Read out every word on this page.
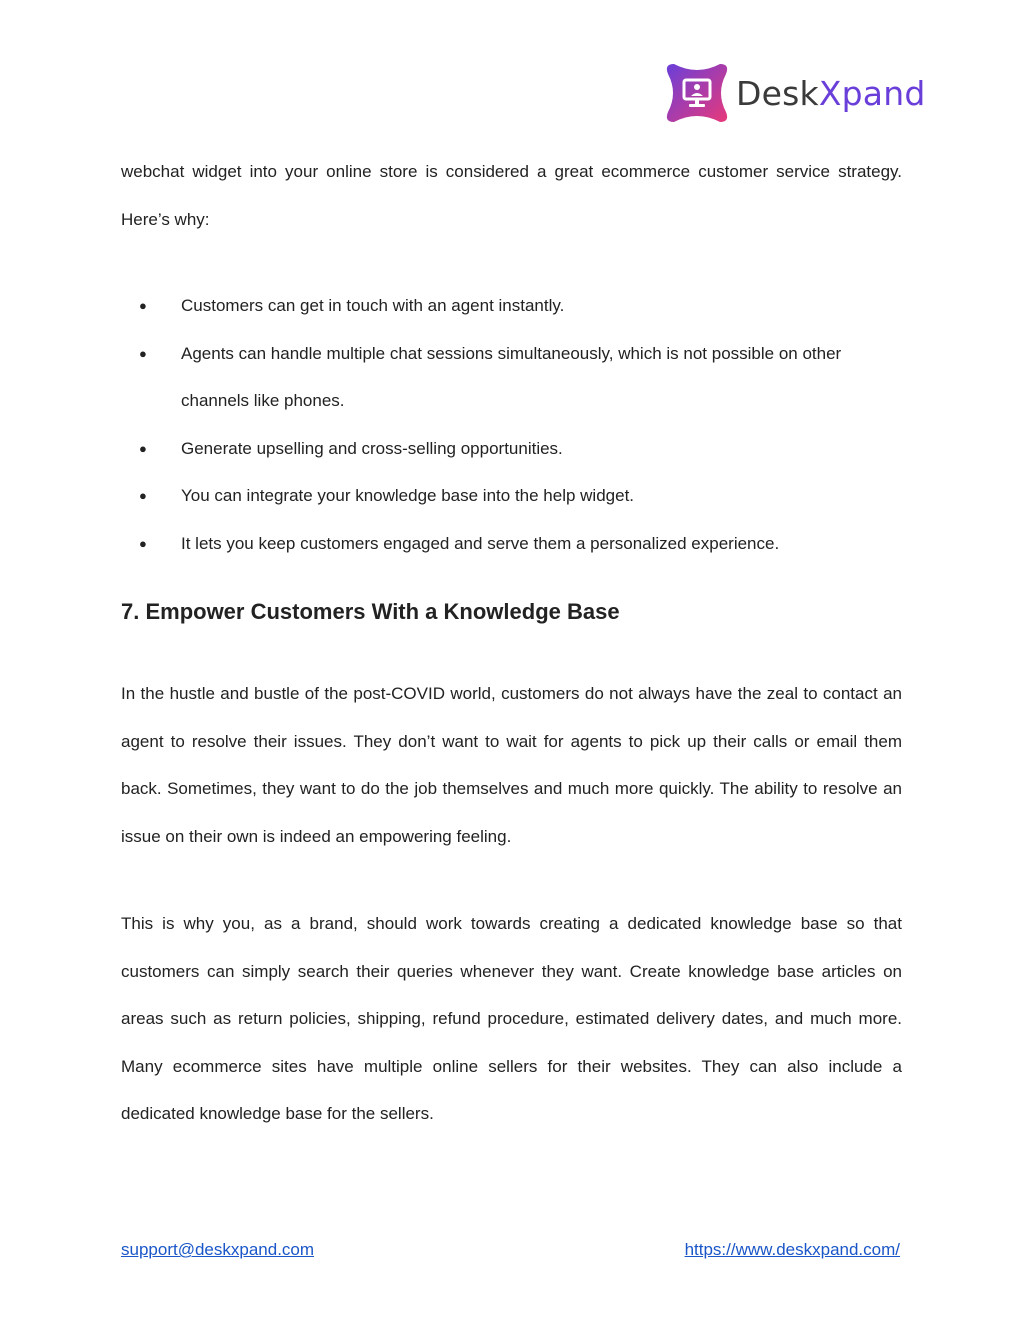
DeskXpand

webchat widget into your online store is considered a great ecommerce customer service strategy. Here’s why:

● Customers can get in touch with an agent instantly.
● Agents can handle multiple chat sessions simultaneously, which is not possible on other channels like phones.
● Generate upselling and cross-selling opportunities.
● You can integrate your knowledge base into the help widget.
● It lets you keep customers engaged and serve them a personalized experience.
7. Empower Customers With a Knowledge Base

In the hustle and bustle of the post-COVID world, customers do not always have the zeal to contact an agent to resolve their issues. They don’t want to wait for agents to pick up their calls or email them back. Sometimes, they want to do the job themselves and much more quickly. The ability to resolve an issue on their own is indeed an empowering feeling.

This is why you, as a brand, should work towards creating a dedicated knowledge base so that customers can simply search their queries whenever they want. Create knowledge base articles on areas such as return policies, shipping, refund procedure, estimated delivery dates, and much more. Many ecommerce sites have multiple online sellers for their websites. They can also include a dedicated knowledge base for the sellers.

support@deskxpand.com	https://www.deskxpand.com/
